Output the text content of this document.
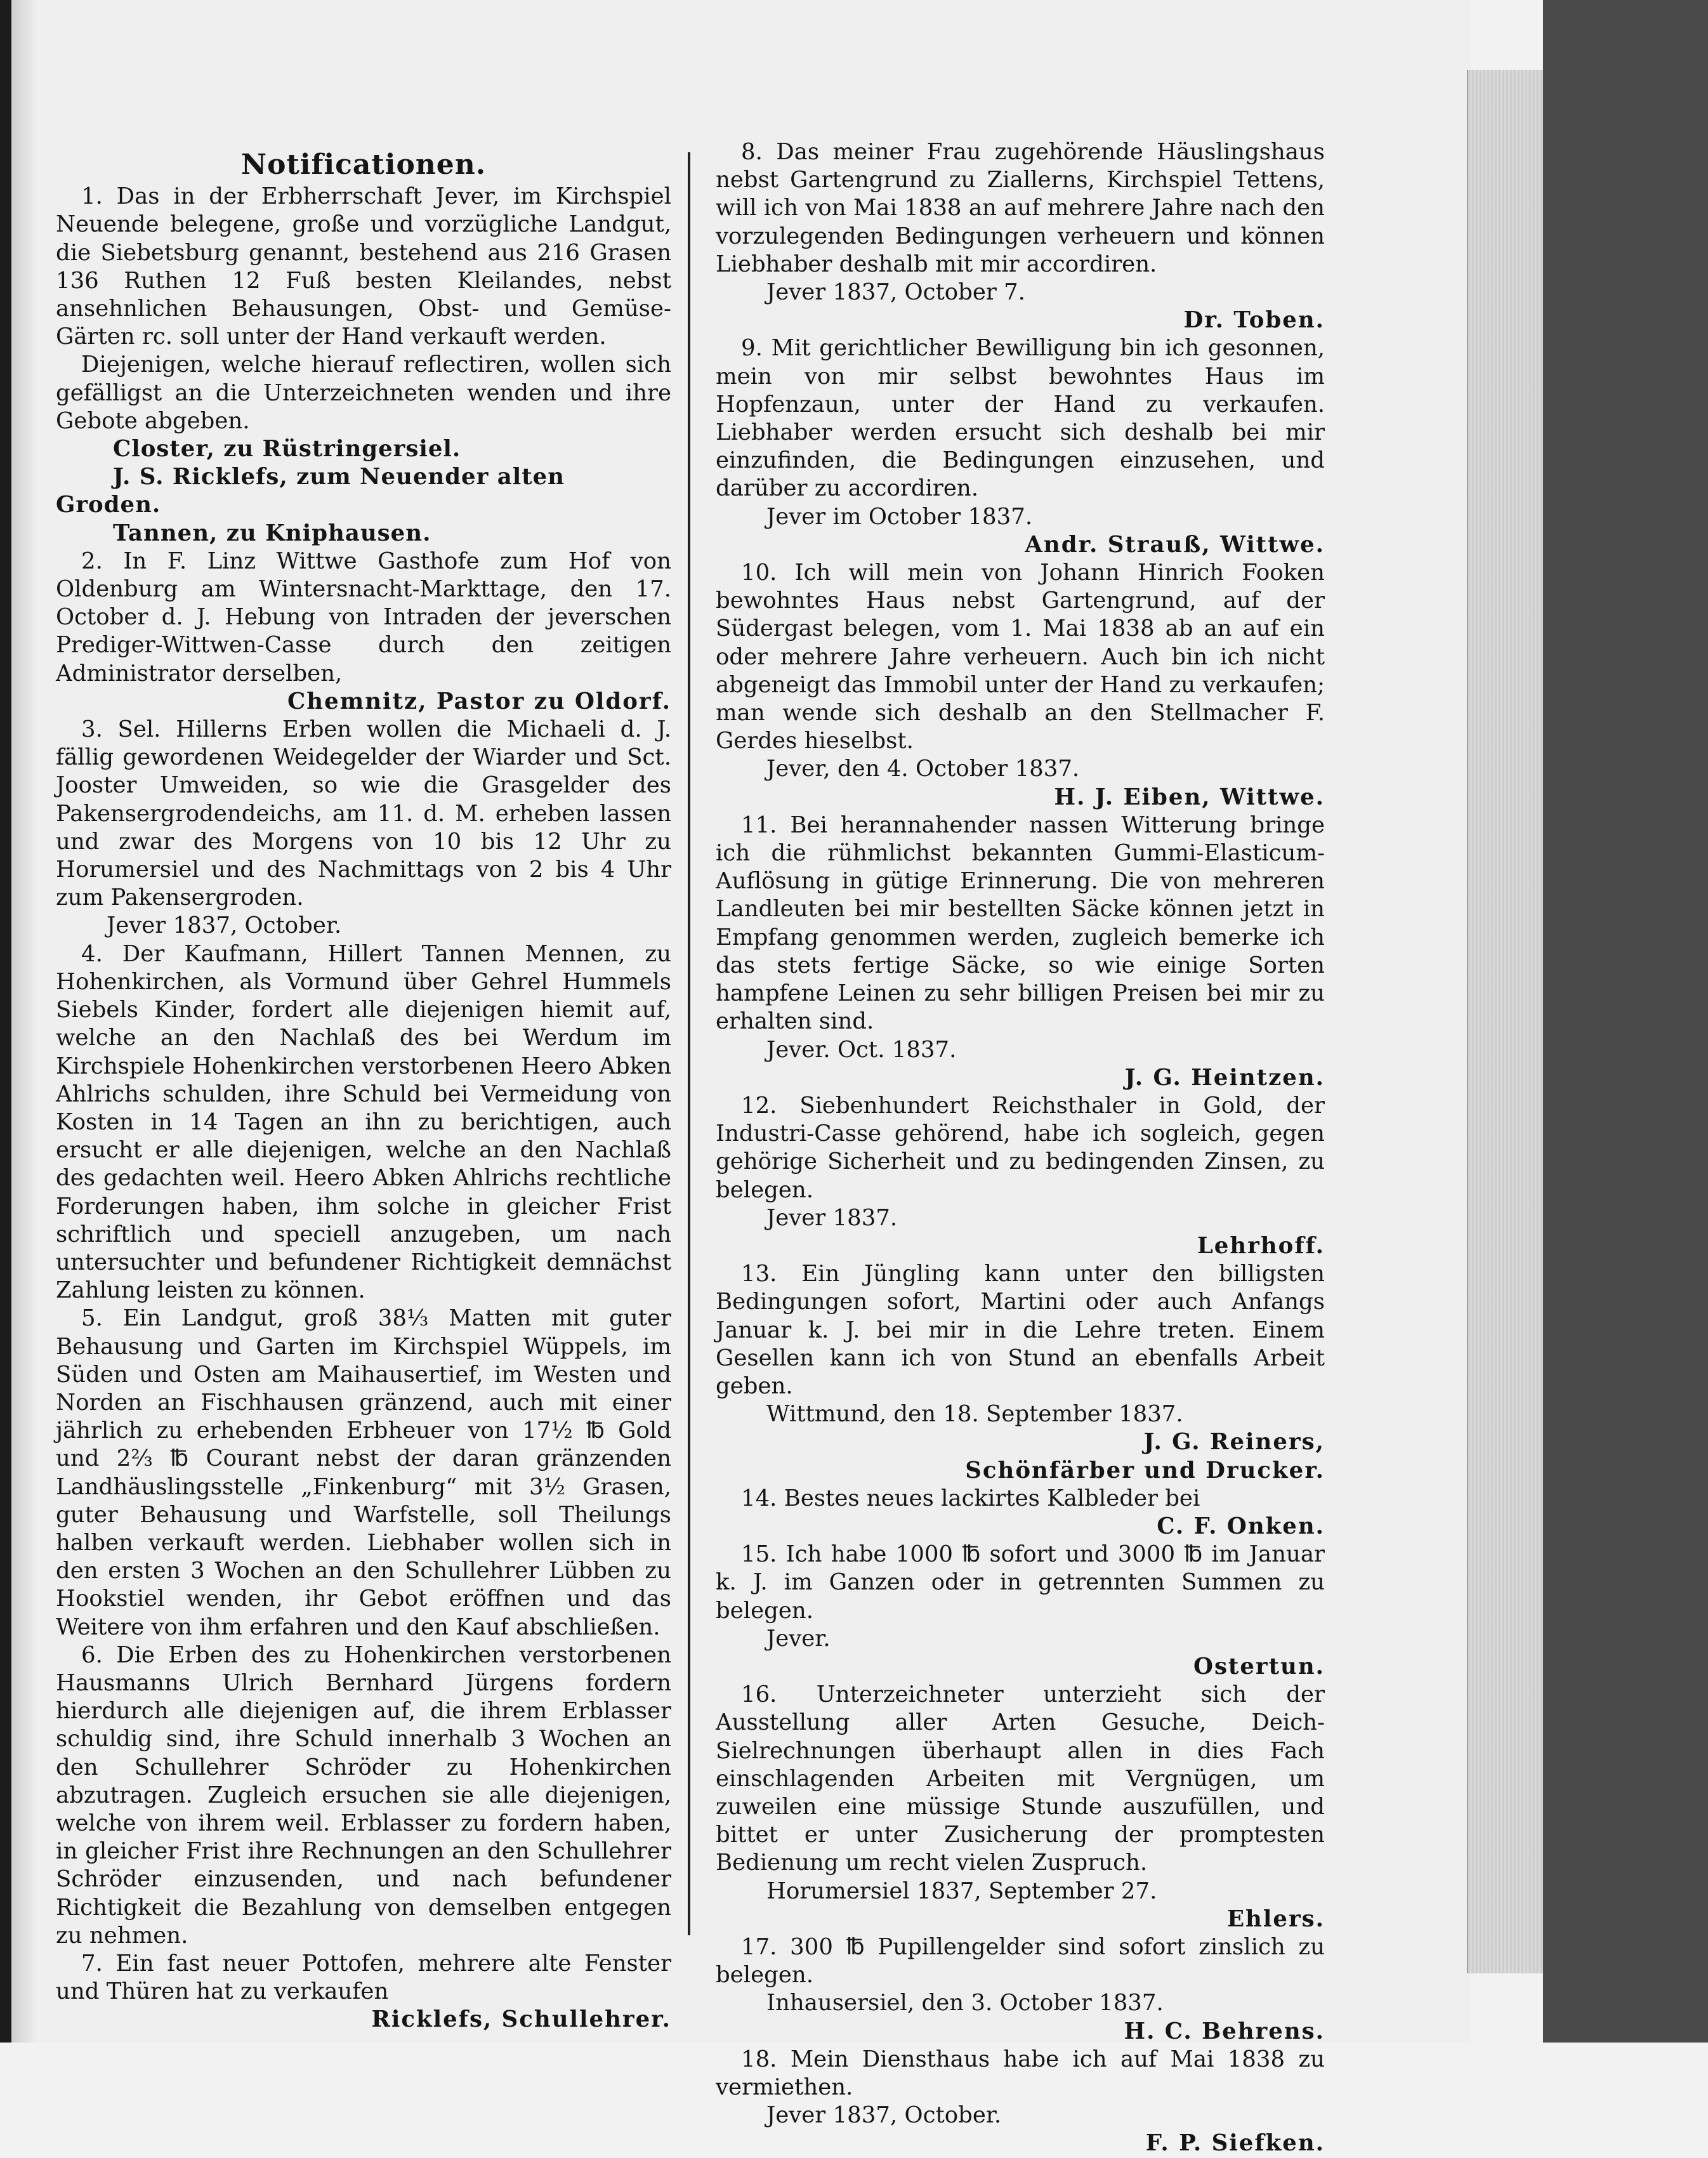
Notificationen.

1. Das in der Erbherrschaft Jever, im Kirchspiel Neuende belegene, große und vorzügliche Landgut, die Siebetsburg genannt, bestehend aus 216 Grasen 136 Ruthen 12 Fuß besten Kleilandes, nebst ansehnlichen Behausungen, Obst- und Gemüse-Gärten rc. soll unter der Hand verkauft werden.

Diejenigen, welche hierauf reflectiren, wollen sich gefälligst an die Unterzeichneten wenden und ihre Gebote abgeben.

Closter, zu Rüstringersiel.

J. S. Ricklefs, zum Neuender alten Groden.

Tannen, zu Kniphausen.

2. In F. Linz Wittwe Gasthofe zum Hof von Oldenburg am Wintersnacht-Markttage, den 17. October d. J. Hebung von Intraden der jeverschen Prediger-Wittwen-Casse durch den zeitigen Administrator derselben,

Chemnitz, Pastor zu Oldorf.

3. Sel. Hillerns Erben wollen die Michaeli d. J. fällig gewordenen Weidegelder der Wiarder und Sct. Jooster Umweiden, so wie die Grasgelder des Pakensergrodendeichs, am 11. d. M. erheben lassen und zwar des Morgens von 10 bis 12 Uhr zu Horumersiel und des Nachmittags von 2 bis 4 Uhr zum Pakensergroden.

Jever 1837, October.

4. Der Kaufmann, Hillert Tannen Mennen, zu Hohenkirchen, als Vormund über Gehrel Hummels Siebels Kinder, fordert alle diejenigen hiemit auf, welche an den Nachlaß des bei Werdum im Kirchspiele Hohenkirchen verstorbenen Heero Abken Ahlrichs schulden, ihre Schuld bei Vermeidung von Kosten in 14 Tagen an ihn zu berichtigen, auch ersucht er alle diejenigen, welche an den Nachlaß des gedachten weil. Heero Abken Ahlrichs rechtliche Forderungen haben, ihm solche in gleicher Frist schriftlich und speciell anzugeben, um nach untersuchter und befundener Richtigkeit demnächst Zahlung leisten zu können.

5. Ein Landgut, groß 38⅓ Matten mit guter Behausung und Garten im Kirchspiel Wüppels, im Süden und Osten am Maihausertief, im Westen und Norden an Fischhausen gränzend, auch mit einer jährlich zu erhebenden Erbheuer von 17½ ℔ Gold und 2⅔ ℔ Courant nebst der daran gränzenden Landhäuslingsstelle „Finkenburg“ mit 3½ Grasen, guter Behausung und Warfstelle, soll Theilungs halben verkauft werden. Liebhaber wollen sich in den ersten 3 Wochen an den Schullehrer Lübben zu Hookstiel wenden, ihr Gebot eröffnen und das Weitere von ihm erfahren und den Kauf abschließen.

6. Die Erben des zu Hohenkirchen verstorbenen Hausmanns Ulrich Bernhard Jürgens fordern hierdurch alle diejenigen auf, die ihrem Erblasser schuldig sind, ihre Schuld innerhalb 3 Wochen an den Schullehrer Schröder zu Hohenkirchen abzutragen. Zugleich ersuchen sie alle diejenigen, welche von ihrem weil. Erblasser zu fordern haben, in gleicher Frist ihre Rechnungen an den Schullehrer Schröder einzusenden, und nach befundener Richtigkeit die Bezahlung von demselben entgegen zu nehmen.

7. Ein fast neuer Pottofen, mehrere alte Fenster und Thüren hat zu verkaufen

Ricklefs, Schullehrer.

8. Das meiner Frau zugehörende Häuslingshaus nebst Gartengrund zu Ziallerns, Kirchspiel Tettens, will ich von Mai 1838 an auf mehrere Jahre nach den vorzulegenden Bedingungen verheuern und können Liebhaber deshalb mit mir accordiren.

Jever 1837, October 7.

Dr. Toben.

9. Mit gerichtlicher Bewilligung bin ich gesonnen, mein von mir selbst bewohntes Haus im Hopfenzaun, unter der Hand zu verkaufen. Liebhaber werden ersucht sich deshalb bei mir einzufinden, die Bedingungen einzusehen, und darüber zu accordiren.

Jever im October 1837.

Andr. Strauß, Wittwe.

10. Ich will mein von Johann Hinrich Fooken bewohntes Haus nebst Gartengrund, auf der Südergast belegen, vom 1. Mai 1838 ab an auf ein oder mehrere Jahre verheuern. Auch bin ich nicht abgeneigt das Immobil unter der Hand zu verkaufen; man wende sich deshalb an den Stellmacher F. Gerdes hieselbst.

Jever, den 4. October 1837.

H. J. Eiben, Wittwe.

11. Bei herannahender nassen Witterung bringe ich die rühmlichst bekannten Gummi-Elasticum-Auflösung in gütige Erinnerung. Die von mehreren Landleuten bei mir bestellten Säcke können jetzt in Empfang genommen werden, zugleich bemerke ich das stets fertige Säcke, so wie einige Sorten hampfene Leinen zu sehr billigen Preisen bei mir zu erhalten sind.

Jever. Oct. 1837.

J. G. Heintzen.

12. Siebenhundert Reichsthaler in Gold, der Industri-Casse gehörend, habe ich sogleich, gegen gehörige Sicherheit und zu bedingenden Zinsen, zu belegen.

Jever 1837.

Lehrhoff.

13. Ein Jüngling kann unter den billigsten Bedingungen sofort, Martini oder auch Anfangs Januar k. J. bei mir in die Lehre treten. Einem Gesellen kann ich von Stund an ebenfalls Arbeit geben.

Wittmund, den 18. September 1837.

J. G. Reiners,

Schönfärber und Drucker.

14. Bestes neues lackirtes Kalbleder bei

C. F. Onken.

15. Ich habe 1000 ℔ sofort und 3000 ℔ im Januar k. J. im Ganzen oder in getrennten Summen zu belegen.

Jever.

Ostertun.

16. Unterzeichneter unterzieht sich der Ausstellung aller Arten Gesuche, Deich-Sielrechnungen überhaupt allen in dies Fach einschlagenden Arbeiten mit Vergnügen, um zuweilen eine müssige Stunde auszufüllen, und bittet er unter Zusicherung der promptesten Bedienung um recht vielen Zuspruch.

Horumersiel 1837, September 27.

Ehlers.

17. 300 ℔ Pupillengelder sind sofort zinslich zu belegen.

Inhausersiel, den 3. October 1837.

H. C. Behrens.

18. Mein Diensthaus habe ich auf Mai 1838 zu vermiethen.

Jever 1837, October.

F. P. Siefken.
